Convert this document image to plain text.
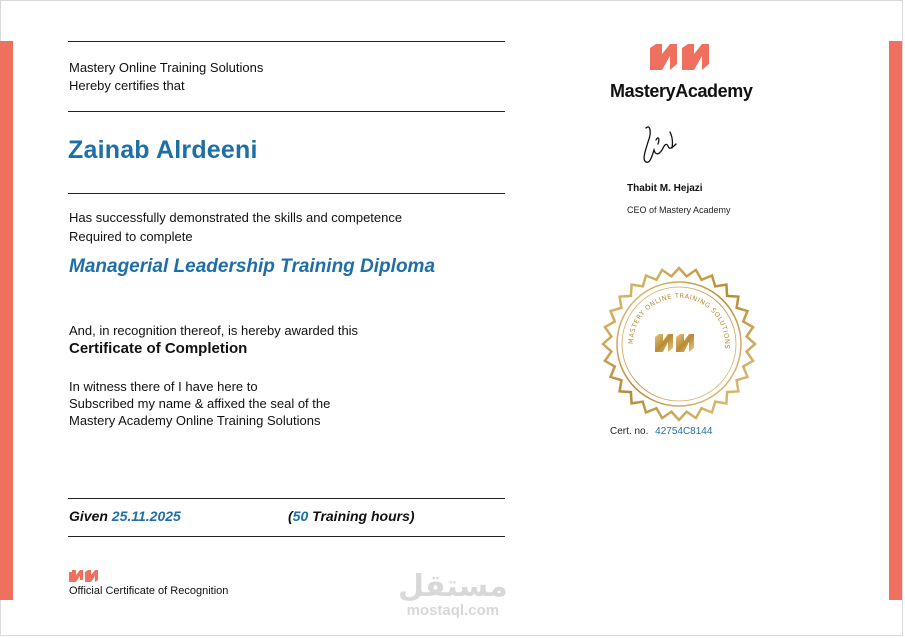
Mastery Online Training Solutions
Hereby certifies that
Zainab Alrdeeni
Has successfully demonstrated the skills and competence
Required to complete
Managerial Leadership Training Diploma
And, in recognition thereof, is hereby awarded this
Certificate of Completion
In witness there of I have here to
Subscribed my name & affixed the seal of the
Mastery Academy Online Training Solutions
Given 25.11.2025	(50 Training hours)
Official Certificate of Recognition
MasteryAcademy
Thabit M. Hejazi
CEO of Mastery Academy
MASTERY ONLINE TRAINING SOLUTIONS
Cert. no. 42754C8144
مستقل
mostaql.com
